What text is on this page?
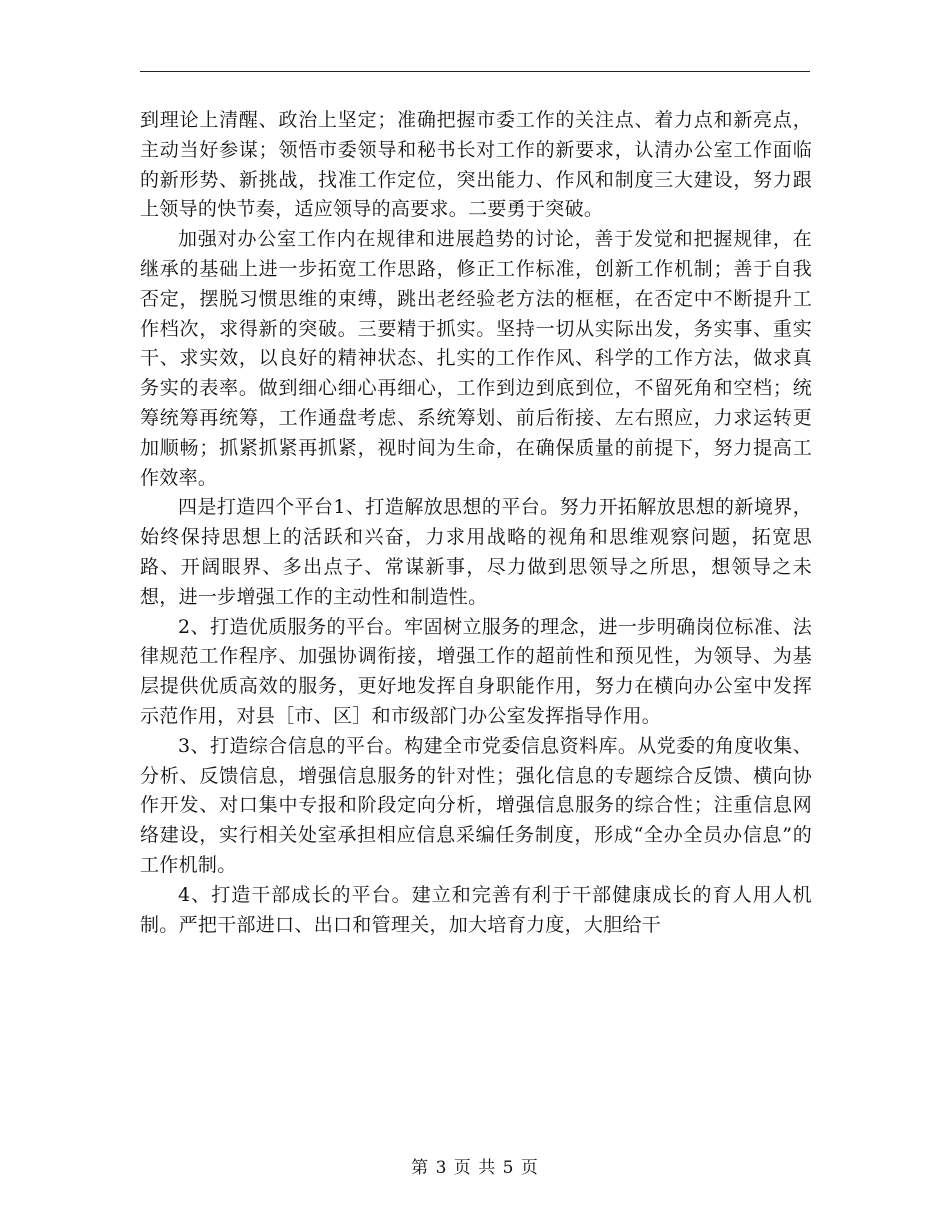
到理论上清醒、政治上坚定；准确把握市委工作的关注点、着力点和新亮点，主动当好参谋；领悟市委领导和秘书长对工作的新要求，认清办公室工作面临的新形势、新挑战，找准工作定位，突出能力、作风和制度三大建设，努力跟上领导的快节奏，适应领导的高要求。二要勇于突破。

加强对办公室工作内在规律和进展趋势的讨论，善于发觉和把握规律，在继承的基础上进一步拓宽工作思路，修正工作标准，创新工作机制；善于自我否定，摆脱习惯思维的束缚，跳出老经验老方法的框框，在否定中不断提升工作档次，求得新的突破。三要精于抓实。坚持一切从实际出发，务实事、重实干、求实效，以良好的精神状态、扎实的工作作风、科学的工作方法，做求真务实的表率。做到细心细心再细心，工作到边到底到位，不留死角和空档；统筹统筹再统筹，工作通盘考虑、系统筹划、前后衔接、左右照应，力求运转更加顺畅；抓紧抓紧再抓紧，视时间为生命，在确保质量的前提下，努力提高工作效率。

四是打造四个平台1、打造解放思想的平台。努力开拓解放思想的新境界，始终保持思想上的活跃和兴奋，力求用战略的视角和思维观察问题，拓宽思路、开阔眼界、多出点子、常谋新事，尽力做到思领导之所思，想领导之未想，进一步增强工作的主动性和制造性。

2、打造优质服务的平台。牢固树立服务的理念，进一步明确岗位标准、法律规范工作程序、加强协调衔接，增强工作的超前性和预见性，为领导、为基层提供优质高效的服务，更好地发挥自身职能作用，努力在横向办公室中发挥示范作用，对县［市、区］和市级部门办公室发挥指导作用。

3、打造综合信息的平台。构建全市党委信息资料库。从党委的角度收集、分析、反馈信息，增强信息服务的针对性；强化信息的专题综合反馈、横向协作开发、对口集中专报和阶段定向分析，增强信息服务的综合性；注重信息网络建设，实行相关处室承担相应信息采编任务制度，形成“全办全员办信息”的工作机制。

4、打造干部成长的平台。建立和完善有利于干部健康成长的育人用人机制。严把干部进口、出口和管理关，加大培育力度，大胆给干

第 3 页 共 5 页
